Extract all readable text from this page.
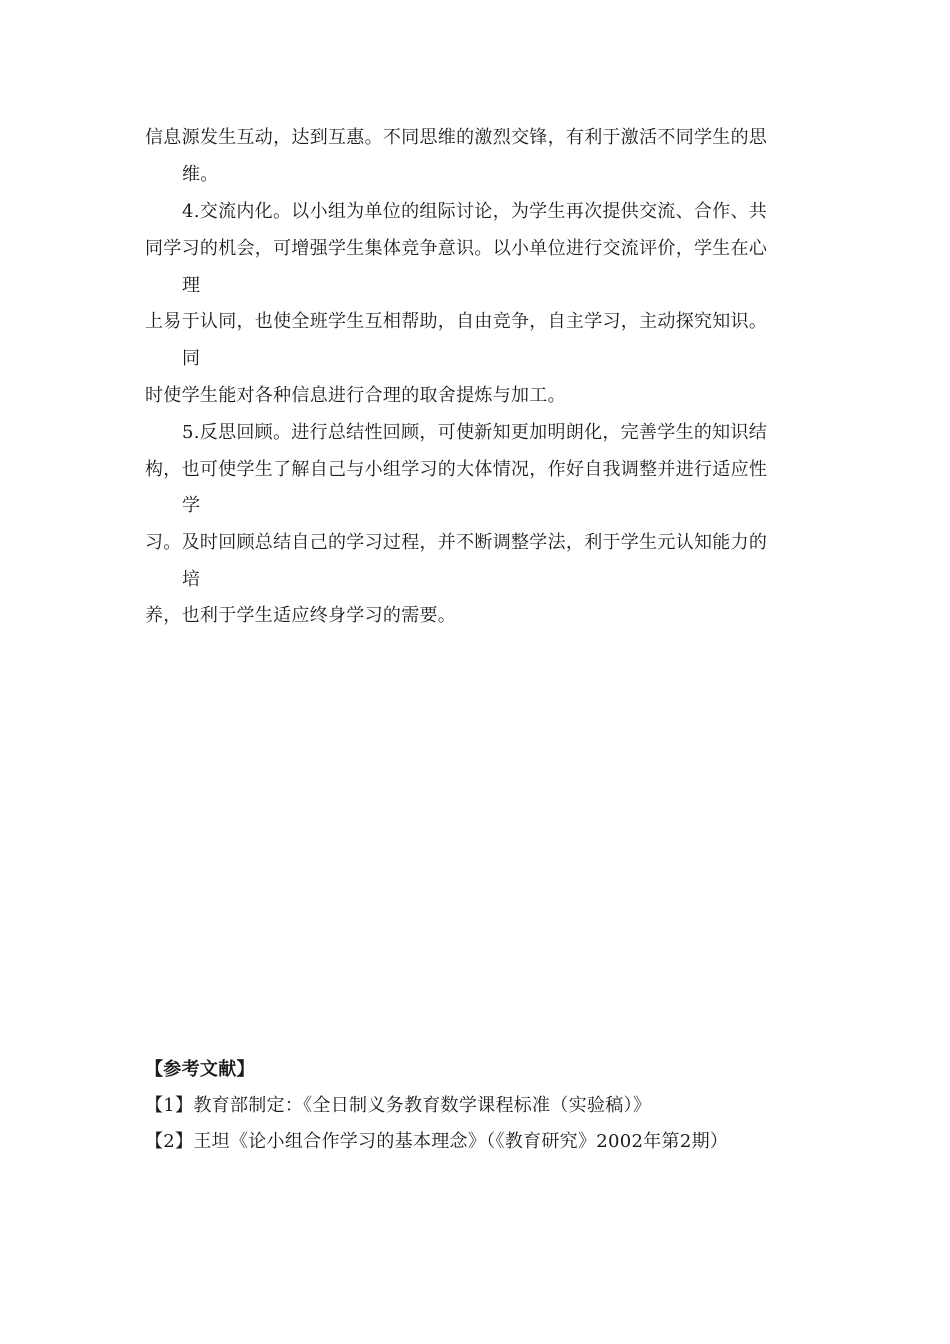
信息源发生互动，达到互惠。不同思维的激烈交锋，有利于激活不同学生的思
维。
4.交流内化。以小组为单位的组际讨论，为学生再次提供交流、合作、共
同学习的机会，可增强学生集体竞争意识。以小单位进行交流评价，学生在心
理
上易于认同，也使全班学生互相帮助，自由竞争，自主学习，主动探究知识。
同
时使学生能对各种信息进行合理的取舍提炼与加工。
5.反思回顾。进行总结性回顾，可使新知更加明朗化，完善学生的知识结
构，也可使学生了解自己与小组学习的大体情况，作好自我调整并进行适应性
学
习。及时回顾总结自己的学习过程，并不断调整学法，利于学生元认知能力的
培
养，也利于学生适应终身学习的需要。
【参考文献】
【1】教育部制定：《全日制义务教育数学课程标准（实验稿）》
【2】王坦《论小组合作学习的基本理念》（《教育研究》2002年第2期）
